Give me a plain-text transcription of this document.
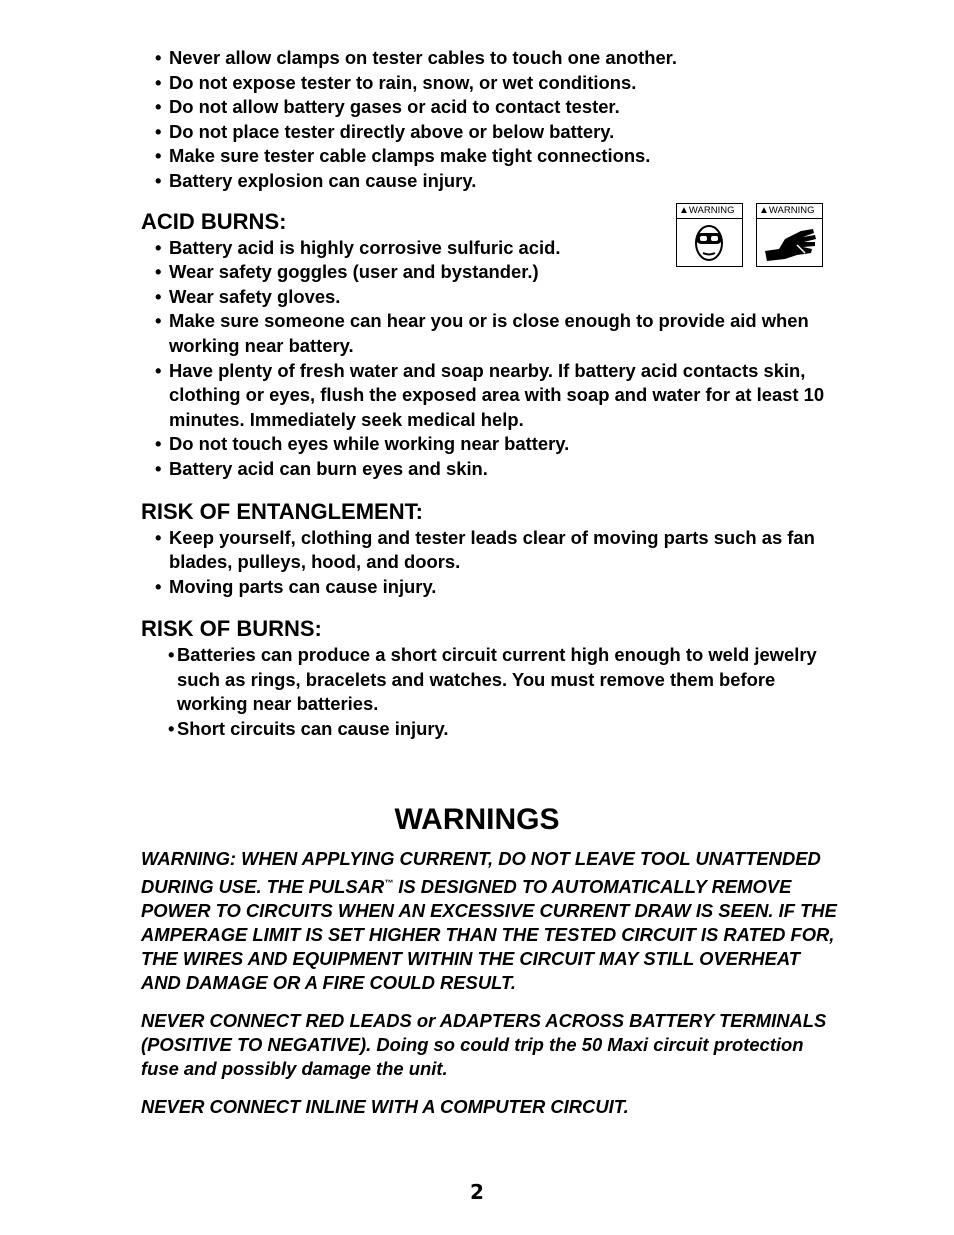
• Never allow clamps on tester cables to touch one another.
• Do not expose tester to rain, snow, or wet conditions.
• Do not allow battery gases or acid to contact tester.
• Do not place tester directly above or below battery.
• Make sure tester cable clamps make tight connections.
• Battery explosion can cause injury.
ACID BURNS:
• Battery acid is highly corrosive sulfuric acid.
• Wear safety goggles (user and bystander.)
• Wear safety gloves.
• Make sure someone can hear you or is close enough to provide aid when working near battery.
• Have plenty of fresh water and soap nearby. If battery acid contacts skin, clothing or eyes, flush the exposed area with soap and water for at least 10 minutes. Immediately seek medical help.
• Do not touch eyes while working near battery.
• Battery acid can burn eyes and skin.
RISK OF ENTANGLEMENT:
• Keep yourself, clothing and tester leads clear of moving parts such as fan blades, pulleys, hood, and doors.
• Moving parts can cause injury.
RISK OF BURNS:
• Batteries can produce a short circuit current high enough to weld jewelry such as rings, bracelets and watches. You must remove them before working near batteries.
• Short circuits can cause injury.
▲WARNING	▲WARNING
WARNINGS

WARNING: WHEN APPLYING CURRENT, DO NOT LEAVE TOOL UNATTENDED DURING USE. THE PULSAR™ IS DESIGNED TO AUTOMATICALLY REMOVE POWER TO CIRCUITS WHEN AN EXCESSIVE CURRENT DRAW IS SEEN. IF THE AMPERAGE LIMIT IS SET HIGHER THAN THE TESTED CIRCUIT IS RATED FOR, THE WIRES AND EQUIPMENT WITHIN THE CIRCUIT MAY STILL OVERHEAT AND DAMAGE OR A FIRE COULD RESULT.

NEVER CONNECT RED LEADS or ADAPTERS ACROSS BATTERY TERMINALS (POSITIVE TO NEGATIVE). Doing so could trip the 50 Maxi circuit protection fuse and possibly damage the unit.

NEVER CONNECT INLINE WITH A COMPUTER CIRCUIT.

2
